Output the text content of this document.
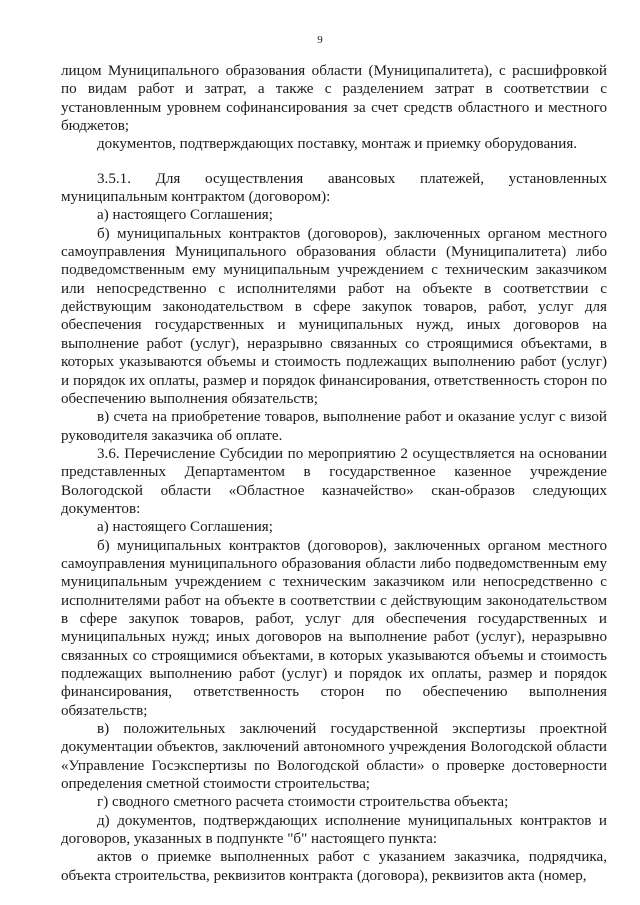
9

лицом Муниципального образования области (Муниципалитета), с расшифровкой по видам работ и затрат, а также с разделением затрат в соответствии с установленным уровнем софинансирования за счет средств областного и местного бюджетов;

документов, подтверждающих поставку, монтаж и приемку оборудования.

3.5.1. Для осуществления авансовых платежей, установленных муниципальным контрактом (договором):

а) настоящего Соглашения;

б) муниципальных контрактов (договоров), заключенных органом местного самоуправления Муниципального образования области (Муниципалитета) либо подведомственным ему муниципальным учреждением с техническим заказчиком или непосредственно с исполнителями работ на объекте в соответствии с действующим законодательством в сфере закупок товаров, работ, услуг для обеспечения государственных и муниципальных нужд, иных договоров на выполнение работ (услуг), неразрывно связанных со строящимися объектами, в которых указываются объемы и стоимость подлежащих выполнению работ (услуг) и порядок их оплаты, размер и порядок финансирования, ответственность сторон по обеспечению выполнения обязательств;

в) счета на приобретение товаров, выполнение работ и оказание услуг с визой руководителя заказчика об оплате.

3.6. Перечисление Субсидии по мероприятию 2 осуществляется на основании представленных Департаментом в государственное казенное учреждение Вологодской области «Областное казначейство» скан-образов следующих документов:

а) настоящего Соглашения;

б) муниципальных контрактов (договоров), заключенных органом местного самоуправления муниципального образования области либо подведомственным ему муниципальным учреждением с техническим заказчиком или непосредственно с исполнителями работ на объекте в соответствии с действующим законодательством в сфере закупок товаров, работ, услуг для обеспечения государственных и муниципальных нужд; иных договоров на выполнение работ (услуг), неразрывно связанных со строящимися объектами, в которых указываются объемы и стоимость подлежащих выполнению работ (услуг) и порядок их оплаты, размер и порядок финансирования, ответственность сторон по обеспечению выполнения обязательств;

в) положительных заключений государственной экспертизы проектной документации объектов, заключений автономного учреждения Вологодской области «Управление Госэкспертизы по Вологодской области» о проверке достоверности определения сметной стоимости строительства;

г) сводного сметного расчета стоимости строительства объекта;

д) документов, подтверждающих исполнение муниципальных контрактов и договоров, указанных в подпункте "б" настоящего пункта:

актов о приемке выполненных работ с указанием заказчика, подрядчика, объекта строительства, реквизитов контракта (договора), реквизитов акта (номер,
